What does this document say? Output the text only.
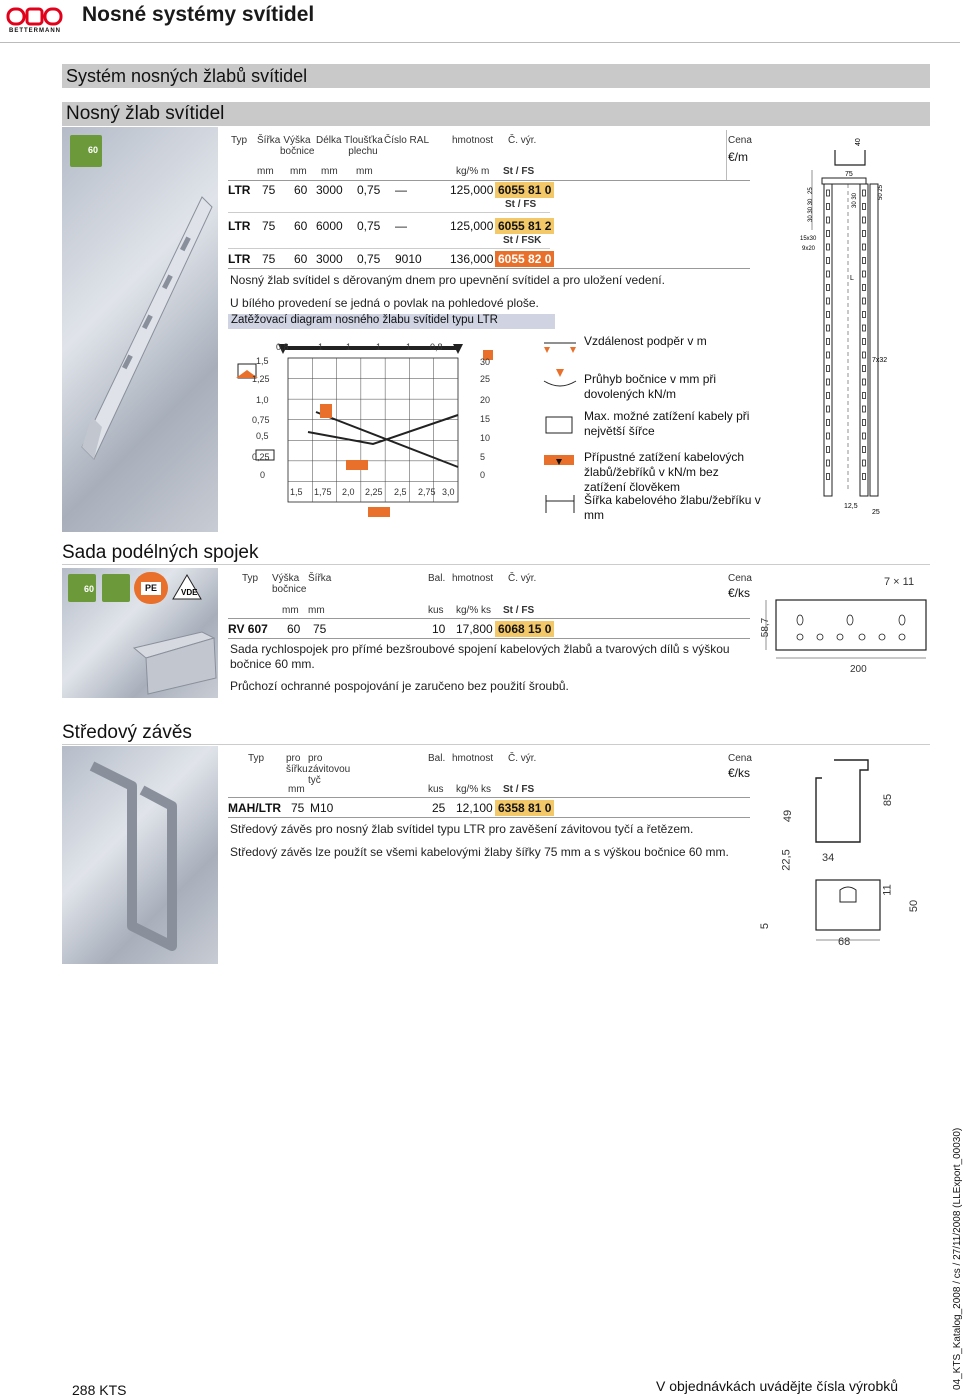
BETTERMANN
Nosné systémy svítidel
Systém nosných žlabů svítidel
Nosný žlab svítidel
60
Typ Šířka Výška bočnice
Délka Tloušťka plechu
Číslo RAL hmotnost Č. výr.	Cena
mm mm mm mm	kg/% m St / FS
€/m
LTR 75 60 3000 0,75 —	125,000 6055 81 0
St / FS
LTR 75 60 6000 0,75 —	125,000 6055 81 2
St / FSK
LTR 75 60 3000 0,75 9010 136,000 6055 82 0
Nosný žlab svítidel s děrovaným dnem pro upevnění svítidel a pro uložení vedení.
U bílého provedení se jedná o povlak na pohledové ploše.
Zatěžovací diagram nosného žlabu svítidel typu LTR
0,8	1	1	1	1 0,8
1,5
1,25
1,0
0,75
0,5
0,25
0
30
25
20
15
10
5
0
1,5 1,75 2,0 2,25 2,5 2,75 3,0
Vzdálenost podpěr v m
Průhyb bočnice v mm při dovolených kN/m
Max. možné zatížení kabely při největší šířce
Přípustné zatížení kabelových žlabů/žebříků v kN/m bez zatížení člověkem
Šířka kabelového žlabu/žebříku v mm
75
40
25
30 30 30
15x30
9x20
30 30
50 25
L
12,5
25
7x32
Sada podélných spojek
60	PE	VDE
Typ Výška bočnice
Šířka	Bal. hmotnost Č. výr.	Cena
€/ks
mm mm	kus kg/% ks St / FS
RV 607 60 75	10 17,800 6068 15 0
Sada rychlospojek pro přímé bezšroubové spojení kabelových žlabů a tvarových dílů s výškou bočnice 60 mm.
Průchozí ochranné pospojování je zaručeno bez použití šroubů.
7 × 11
58,7
200
Středový závěs
Typ pro šířku
pro závitovou tyč
Bal. hmotnost Č. výr.	Cena
€/ks
mm	kus kg/% ks St / FS
MAH/LTR 75 M10	25 12,100 6358 81 0
Středový závěs pro nosný žlab svítidel typu LTR pro zavěšení závitovou tyčí a řetězem.
Středový závěs lze použít se všemi kabelovými žlaby šířky 75 mm a s výškou bočnice 60 mm.
49
85
22,5	34
11
50
5
68
288 KTS	V objednávkách uvádějte čísla výrobků	04_KTS_Katalog_2008 / cs / 27/11/2008 (LLExport_00030)
